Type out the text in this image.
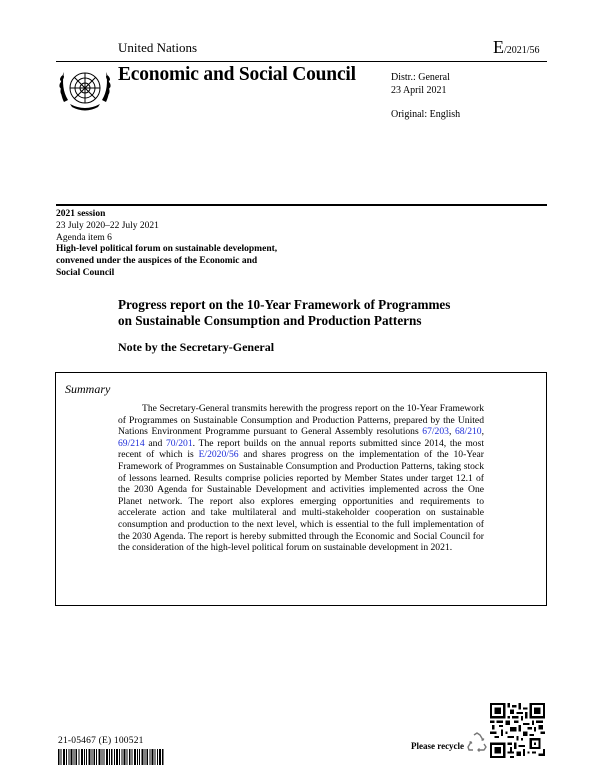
United Nations	E/2021/56
Economic and Social Council	Distr.: General
23 April 2021
Original: English
2021 session
23 July 2020–22 July 2021
Agenda item 6
High-level political forum on sustainable development,
convened under the auspices of the Economic and
Social Council
Progress report on the 10-Year Framework of Programmes
on Sustainable Consumption and Production Patterns
Note by the Secretary-General
Summary
The Secretary-General transmits herewith the progress report on the 10-Year Framework of Programmes on Sustainable Consumption and Production Patterns, prepared by the United Nations Environment Programme pursuant to General Assembly resolutions 67/203, 68/210, 69/214 and 70/201. The report builds on the annual reports submitted since 2014, the most recent of which is E/2020/56 and shares progress on the implementation of the 10-Year Framework of Programmes on Sustainable Consumption and Production Patterns, taking stock of lessons learned. Results comprise policies reported by Member States under target 12.1 of the 2030 Agenda for Sustainable Development and activities implemented across the One Planet network. The report also explores emerging opportunities and requirements to accelerate action and take multilateral and multi-stakeholder cooperation on sustainable consumption and production to the next level, which is essential to the full implementation of the 2030 Agenda. The report is hereby submitted through the Economic and Social Council for the consideration of the high-level political forum on sustainable development in 2021.
21-05467 (E) 100521	Please recycle
